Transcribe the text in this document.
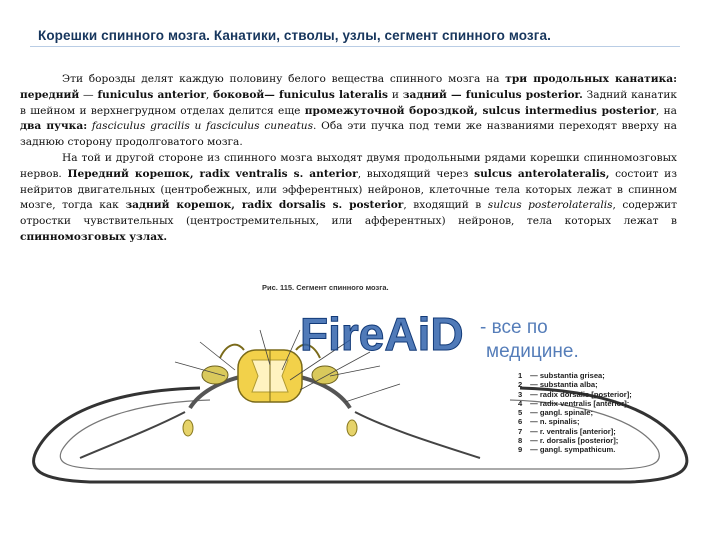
Корешки спинного мозга. Канатики, стволы, узлы, сегмент спинного мозга.

Эти борозды делят каждую половину белого вещества спинного мозга на три продольных канатика: передний — funiculus anterior, боковой— funiculus lateralis и задний — funiculus posterior. Задний канатик в шейном и верхнегрудном отделах делится еще промежуточной бороздкой, sulcus intermedius posterior, на два пучка: fasciculus gracilis и fasciculus cuneatus. Оба эти пучка под теми же названиями переходят вверху на заднюю сторону продолговатого мозга.

На той и другой стороне из спинного мозга выходят двумя продольными рядами корешки спинномозговых нервов. Передний корешок, radix ventralis s. anterior, выходящий через sulcus anterolateralis, состоит из нейритов двигательных (центробежных, или эфферентных) нейронов, клеточные тела которых лежат в спинном мозге, тогда как задний корешок, radix dorsalis s. posterior, входящий в sulcus posterolateralis, содержит отростки чувствительных (центростремительных, или афферентных) нейронов, тела которых лежат в спинномозговых узлах.

Рис. 115. Сегмент спинного мозга.
FireAiD - все по
медицине.
1 — substantia grisea;
2 — substantia alba;
3 — radix dorsalis [posterior];
4 — radix ventralis [anterior];
5 — gangl. spinale;
6 — n. spinalis;
7 — r. ventralis [anterior];
8 — r. dorsalis [posterior];
9 — gangl. sympathicum.
